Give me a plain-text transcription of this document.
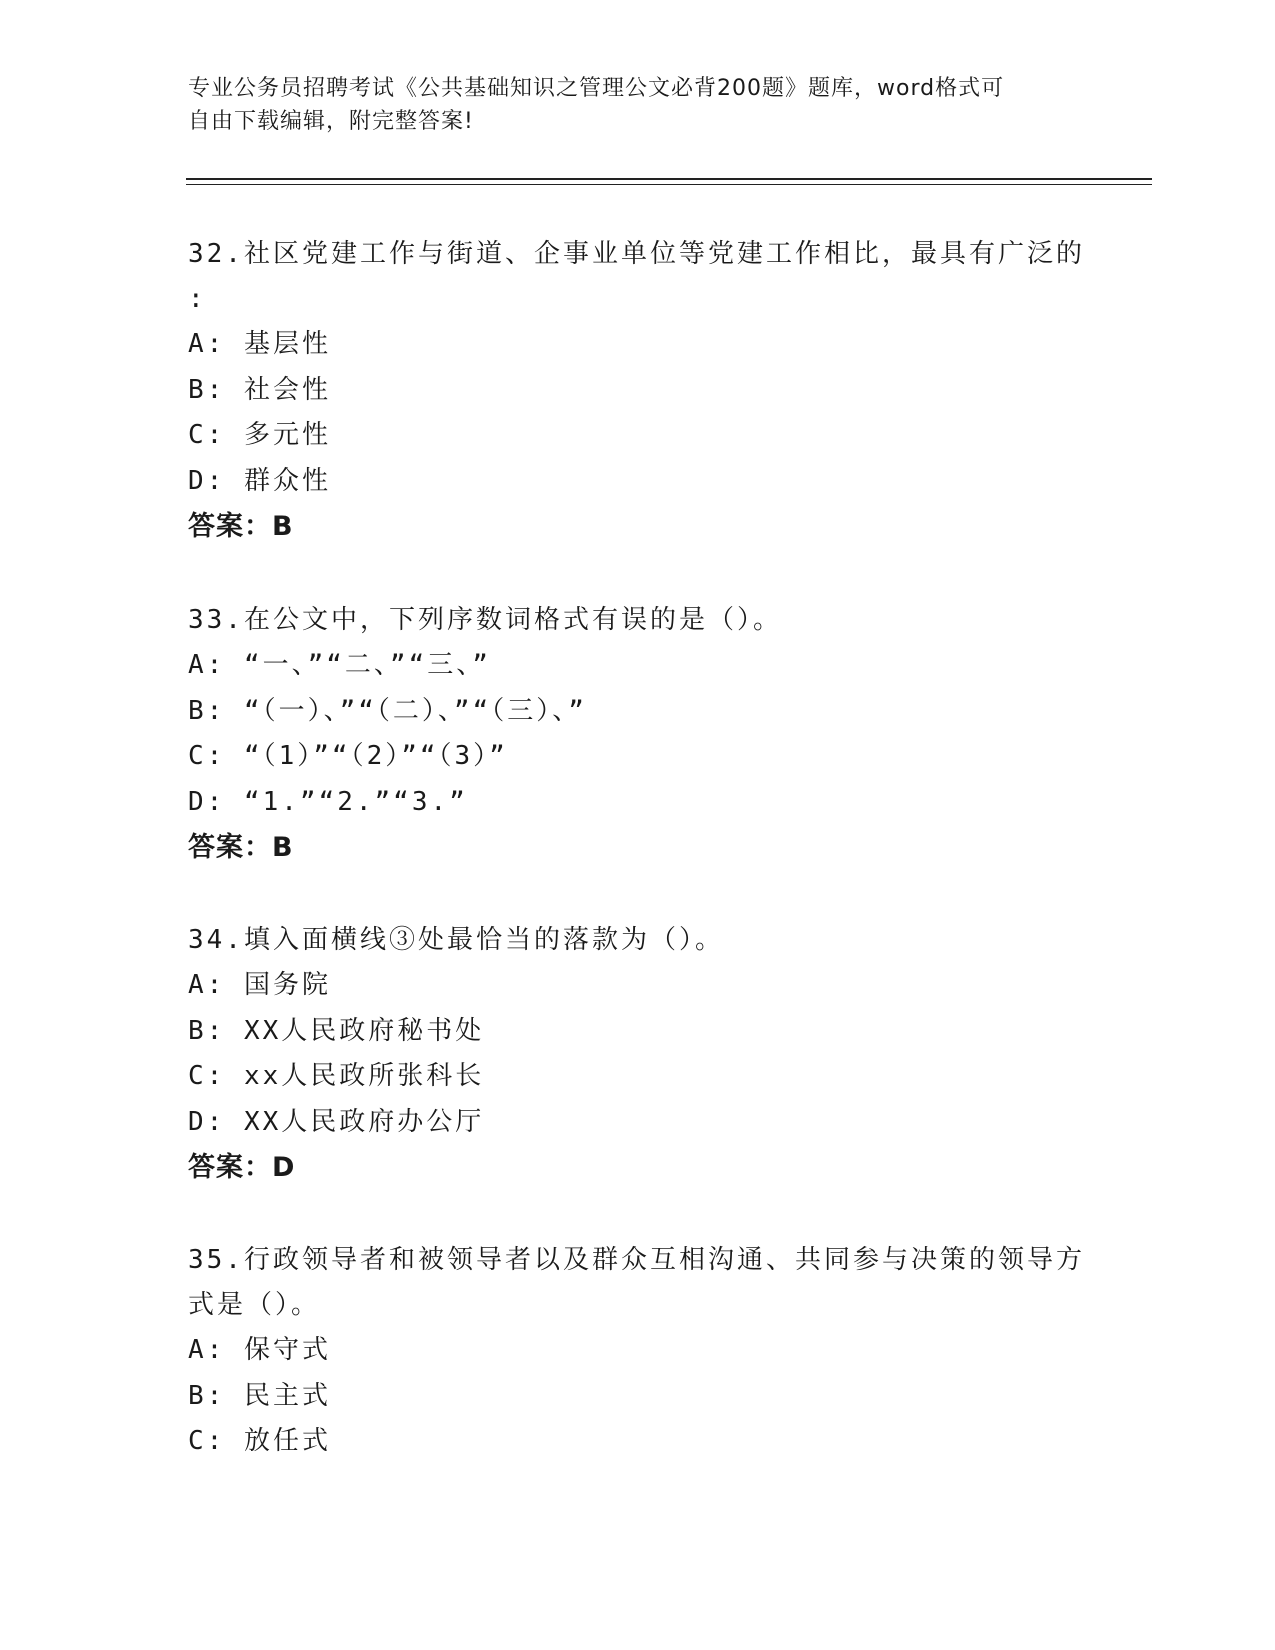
专业公务员招聘考试《公共基础知识之管理公文必背200题》题库，word格式可
自由下载编辑，附完整答案!

32.社区党建工作与街道、企事业单位等党建工作相比，最具有广泛的

:

A: 基层性

B: 社会性

C: 多元性

D: 群众性

答案：B

33.在公文中，下列序数词格式有误的是（）。

A: “一、”“二、”“三、”

B: “（一）、”“（二）、”“（三）、”

C: “（1）”“（2）”“（3）”

D: “1.”“2.”“3.”

答案：B

34.填入面横线③处最恰当的落款为（）。

A: 国务院

B: XX人民政府秘书处

C: xx人民政所张科长

D: XX人民政府办公厅

答案：D

35.行政领导者和被领导者以及群众互相沟通、共同参与决策的领导方

式是（）。

A: 保守式

B: 民主式

C: 放任式
